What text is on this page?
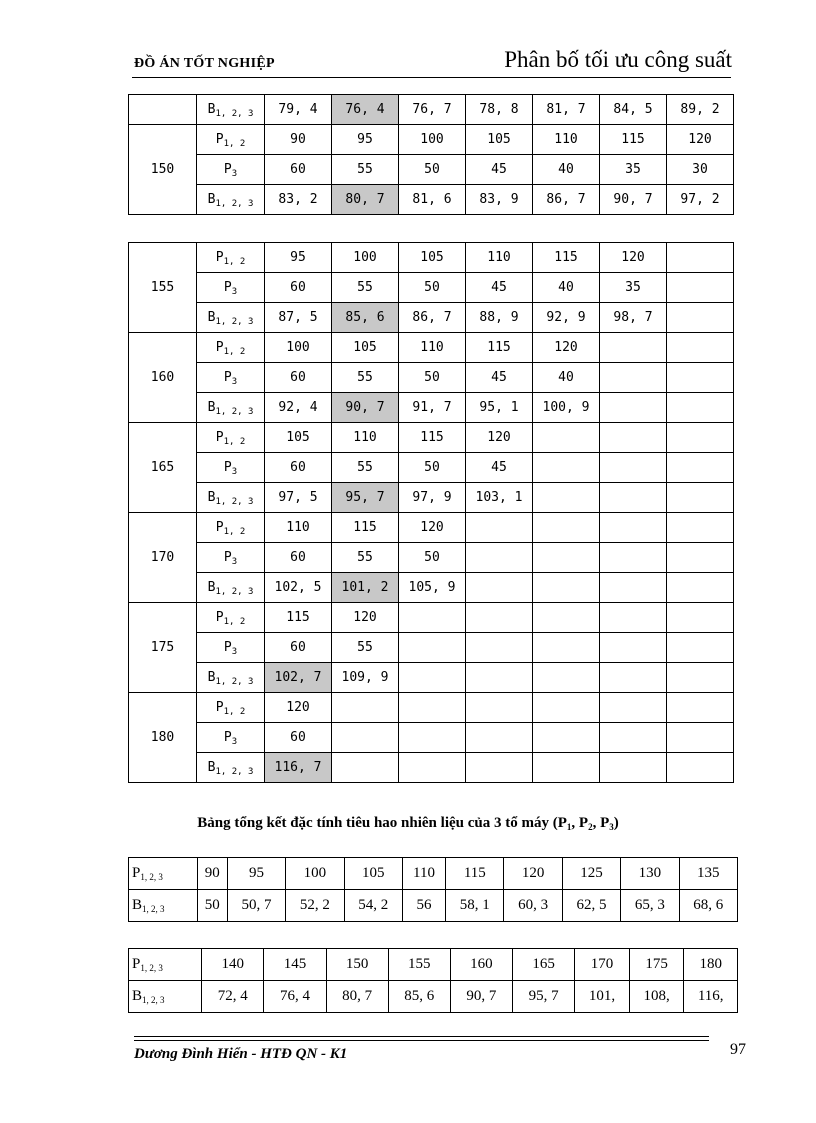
ĐỒ ÁN TỐT NGHIỆP	Phân bố tối ưu công suất
	$B_{1, 2, 3}$	79, 4	76, 4	76, 7	78, 8	81, 7	84, 5	89, 2
150	$P_{1, 2}$	90	95	100	105	110	115	120
	$P_3$	60	55	50	45	40	35	30
	$B_{1, 2, 3}$	83, 2	80, 7	81, 6	83, 9	86, 7	90, 7	97, 2
155	$P_{1, 2}$	95	100	105	110	115	120	
	$P_3$	60	55	50	45	40	35	
	$B_{1, 2, 3}$	87, 5	85, 6	86, 7	88, 9	92, 9	98, 7	
160	$P_{1, 2}$	100	105	110	115	120		
	$P_3$	60	55	50	45	40		
	$B_{1, 2, 3}$	92, 4	90, 7	91, 7	95, 1	100, 9		
165	$P_{1, 2}$	105	110	115	120			
	$P_3$	60	55	50	45			
	$B_{1, 2, 3}$	97, 5	95, 7	97, 9	103, 1			
170	$P_{1, 2}$	110	115	120				
	$P_3$	60	55	50				
	$B_{1, 2, 3}$	102, 5	101, 2	105, 9				
175	$P_{1, 2}$	115	120					
	$P_3$	60	55					
	$B_{1, 2, 3}$	102, 7	109, 9					
180	$P_{1, 2}$	120						
	$P_3$	60						
	$B_{1, 2, 3}$	116, 7						
Bảng tổng kết đặc tính tiêu hao nhiên liệu của 3 tổ máy ($P_1$, $P_2$, $P_3$)
$P_{1, 2, 3}$	90	95	100	105	110	115	120	125	130	135
$B_{1, 2, 3}$	50	50, 7	52, 2	54, 2	56	58, 1	60, 3	62, 5	65, 3	68, 6
$P_{1, 2, 3}$	140	145	150	155	160	165	170	175	180
$B_{1, 2, 3}$	72, 4	76, 4	80, 7	85, 6	90, 7	95, 7	101,	108,	116,
Dương Đình Hiển - HTĐ QN - K1	97
